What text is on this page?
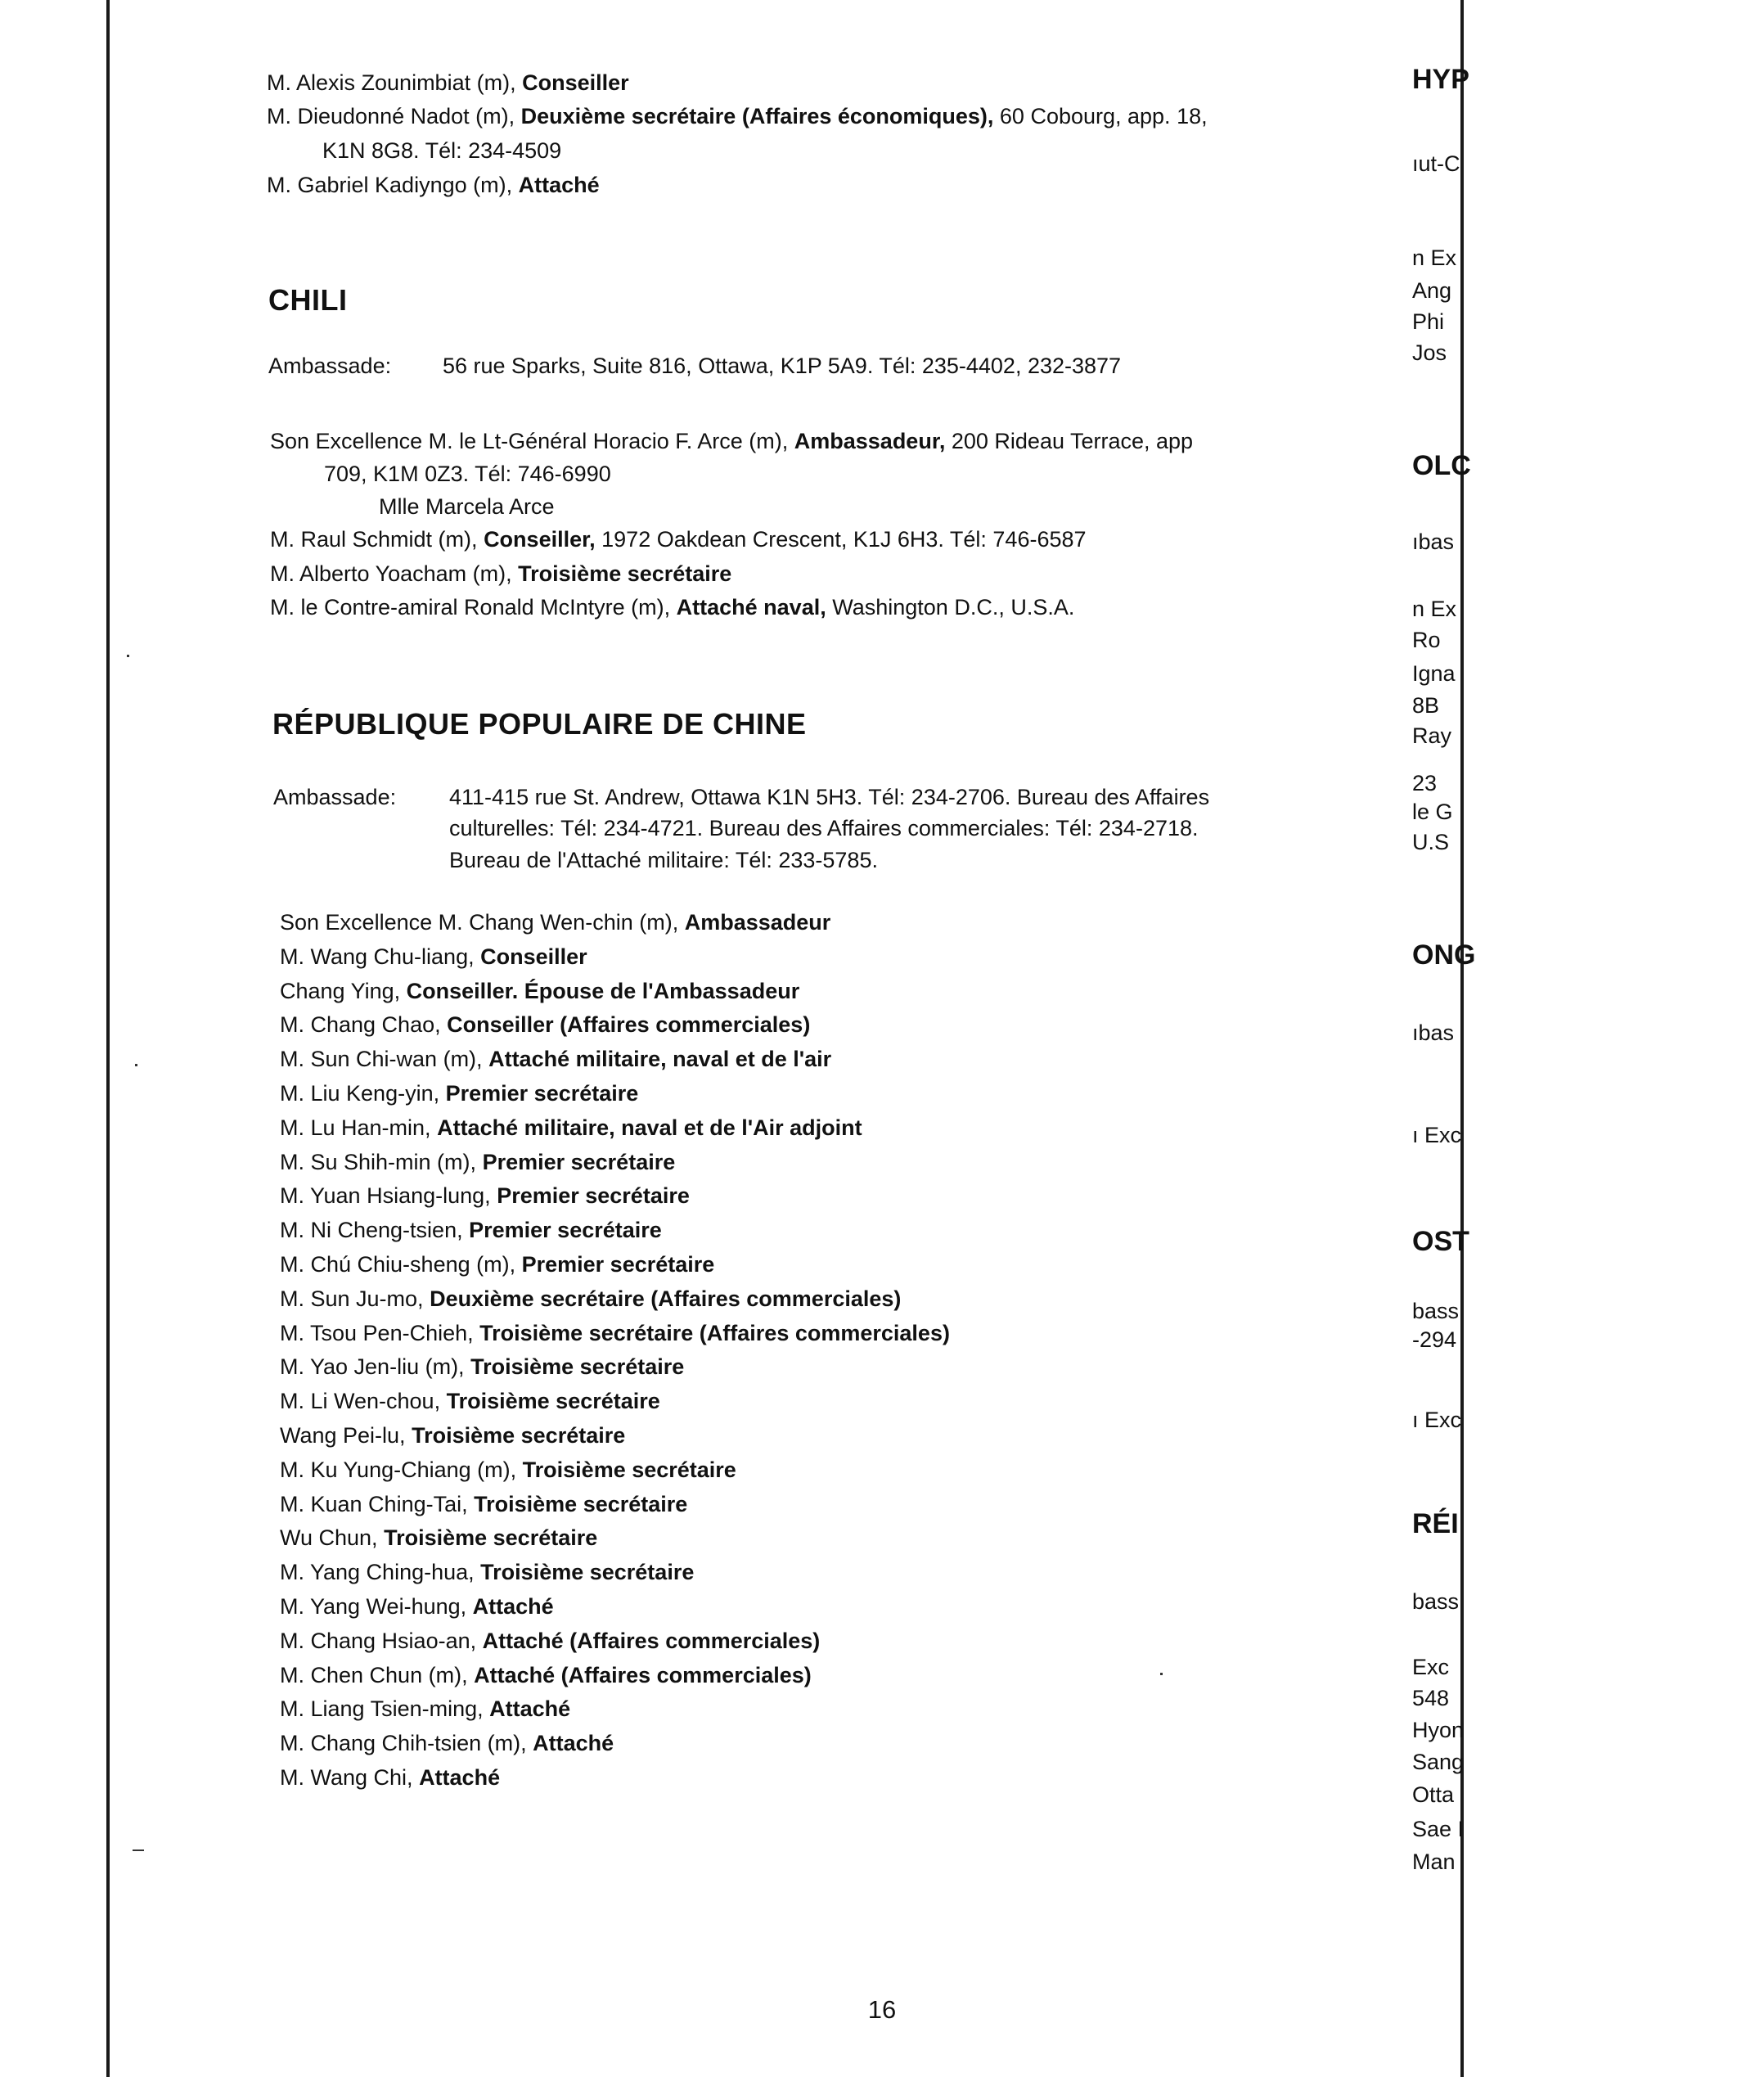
M. Alexis Zounimbiat (m), Conseiller
M. Dieudonné Nadot (m), Deuxième secrétaire (Affaires économiques), 60 Cobourg, app. 18,
K1N 8G8. Tél: 234-4509
M. Gabriel Kadiyngo (m), Attaché
CHILI
Ambassade: 56 rue Sparks, Suite 816, Ottawa, K1P 5A9. Tél: 235-4402, 232-3877
Son Excellence M. le Lt-Général Horacio F. Arce (m), Ambassadeur, 200 Rideau Terrace, app
709, K1M 0Z3. Tél: 746-6990
Mlle Marcela Arce
M. Raul Schmidt (m), Conseiller, 1972 Oakdean Crescent, K1J 6H3. Tél: 746-6587
M. Alberto Yoacham (m), Troisième secrétaire
M. le Contre-amiral Ronald McIntyre (m), Attaché naval, Washington D.C., U.S.A.
RÉPUBLIQUE POPULAIRE DE CHINE
Ambassade: 411-415 rue St. Andrew, Ottawa K1N 5H3. Tél: 234-2706. Bureau des Affaires
culturelles: Tél: 234-4721. Bureau des Affaires commerciales: Tél: 234-2718.
Bureau de l'Attaché militaire: Tél: 233-5785.
Son Excellence M. Chang Wen-chin (m), Ambassadeur
M. Wang Chu-liang, Conseiller
Chang Ying, Conseiller. Épouse de l'Ambassadeur
M. Chang Chao, Conseiller (Affaires commerciales)
M. Sun Chi-wan (m), Attaché militaire, naval et de l'air
M. Liu Keng-yin, Premier secrétaire
M. Lu Han-min, Attaché militaire, naval et de l'Air adjoint
M. Su Shih-min (m), Premier secrétaire
M. Yuan Hsiang-lung, Premier secrétaire
M. Ni Cheng-tsien, Premier secrétaire
M. Chú Chiu-sheng (m), Premier secrétaire
M. Sun Ju-mo, Deuxième secrétaire (Affaires commerciales)
M. Tsou Pen-Chieh, Troisième secrétaire (Affaires commerciales)
M. Yao Jen-liu (m), Troisième secrétaire
M. Li Wen-chou, Troisième secrétaire
Wang Pei-lu, Troisième secrétaire
M. Ku Yung-Chiang (m), Troisième secrétaire
M. Kuan Ching-Tai, Troisième secrétaire
Wu Chun, Troisième secrétaire
M. Yang Ching-hua, Troisième secrétaire
M. Yang Wei-hung, Attaché
M. Chang Hsiao-an, Attaché (Affaires commerciales)
M. Chen Chun (m), Attaché (Affaires commerciales)
M. Liang Tsien-ming, Attaché
M. Chang Chih-tsien (m), Attaché
M. Wang Chi, Attaché
HYP
ıut-C
n Ex
Ang
Phi
Jos
OLC
ıbas
n Ex
Ro
Igna
8B
Ray
23
le G
U.S
ONG
ıbas
ı Exc
OST
bass
-294
ı Exc
RÉI
bass
Exc
548
Hyon
Sang
Otta
Sae I
Man
16
